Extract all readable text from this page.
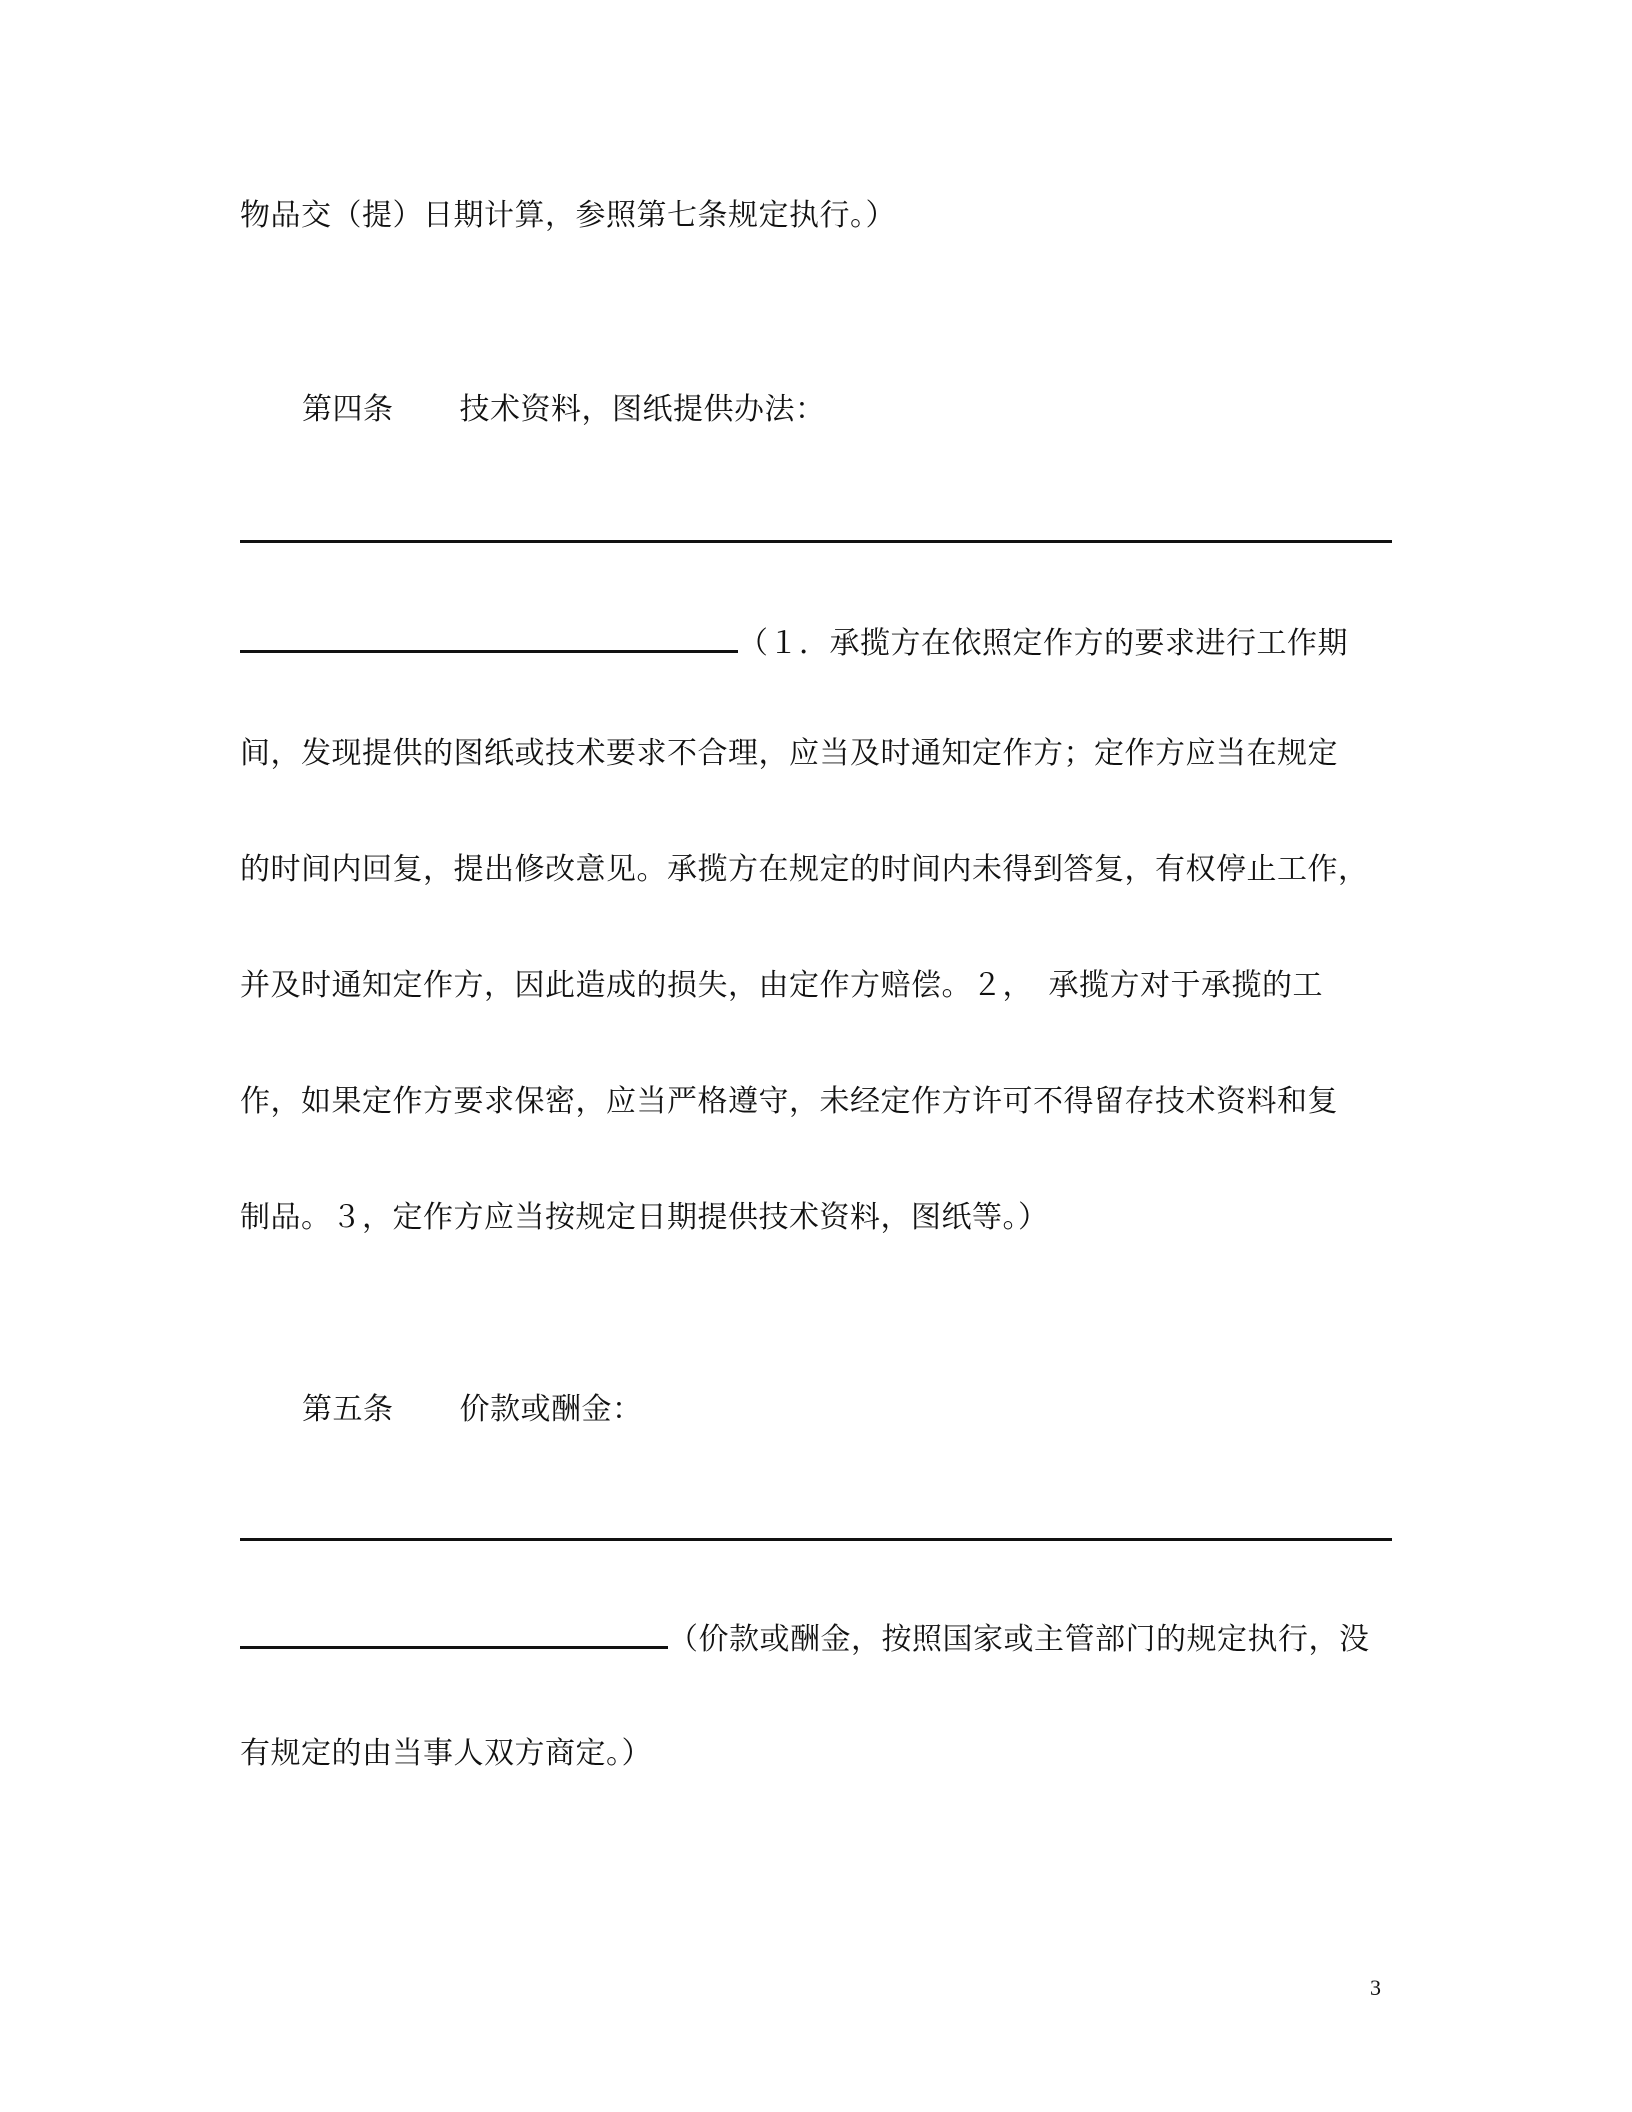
物品交（提）日期计算，参照第七条规定执行。）
第四条 技术资料，图纸提供办法：
（１．承揽方在依照定作方的要求进行工作期
间，发现提供的图纸或技术要求不合理，应当及时通知定作方；定作方应当在规定
的时间内回复，提出修改意见。承揽方在规定的时间内未得到答复，有权停止工作，
并及时通知定作方，因此造成的损失，由定作方赔偿。２，　承揽方对于承揽的工
作，如果定作方要求保密，应当严格遵守，未经定作方许可不得留存技术资料和复
制品。３，定作方应当按规定日期提供技术资料，图纸等。）
第五条 价款或酬金：
（价款或酬金，按照国家或主管部门的规定执行，没
有规定的由当事人双方商定。）
3
